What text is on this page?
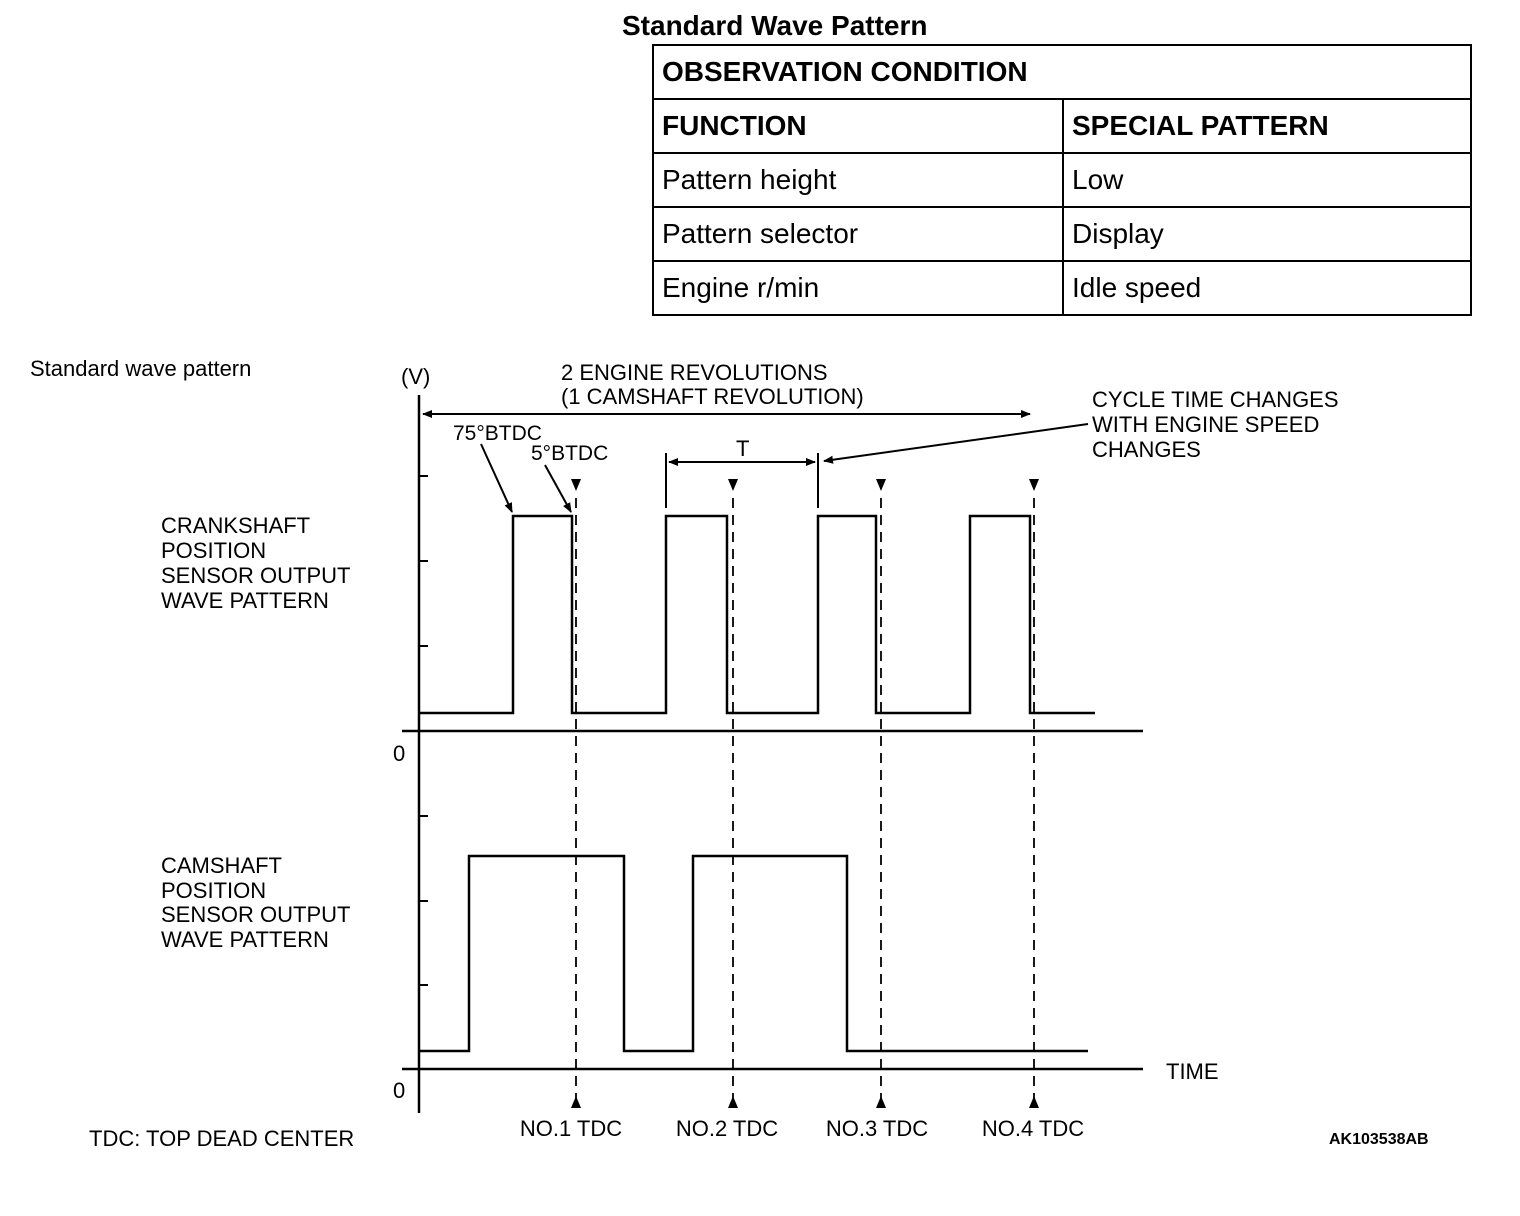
Standard Wave Pattern
OBSERVATION CONDITION	
FUNCTION	SPECIAL PATTERN
Pattern height	Low
Pattern selector	Display
Engine r/min	Idle speed
Standard wave pattern	(V)
0
0
2 ENGINE REVOLUTIONS
(1 CAMSHAFT REVOLUTION)
75°BTDC
5°BTDC	T
CYCLE TIME CHANGES
WITH ENGINE SPEED
CHANGES
NO.1 TDC NO.2 TDC NO.3 TDC NO.4 TDC
CRANKSHAFT
POSITION
SENSOR OUTPUT
WAVE PATTERN
CAMSHAFT
POSITION
SENSOR OUTPUT
WAVE PATTERN
TIME
TDC: TOP DEAD CENTER	AK103538AB
